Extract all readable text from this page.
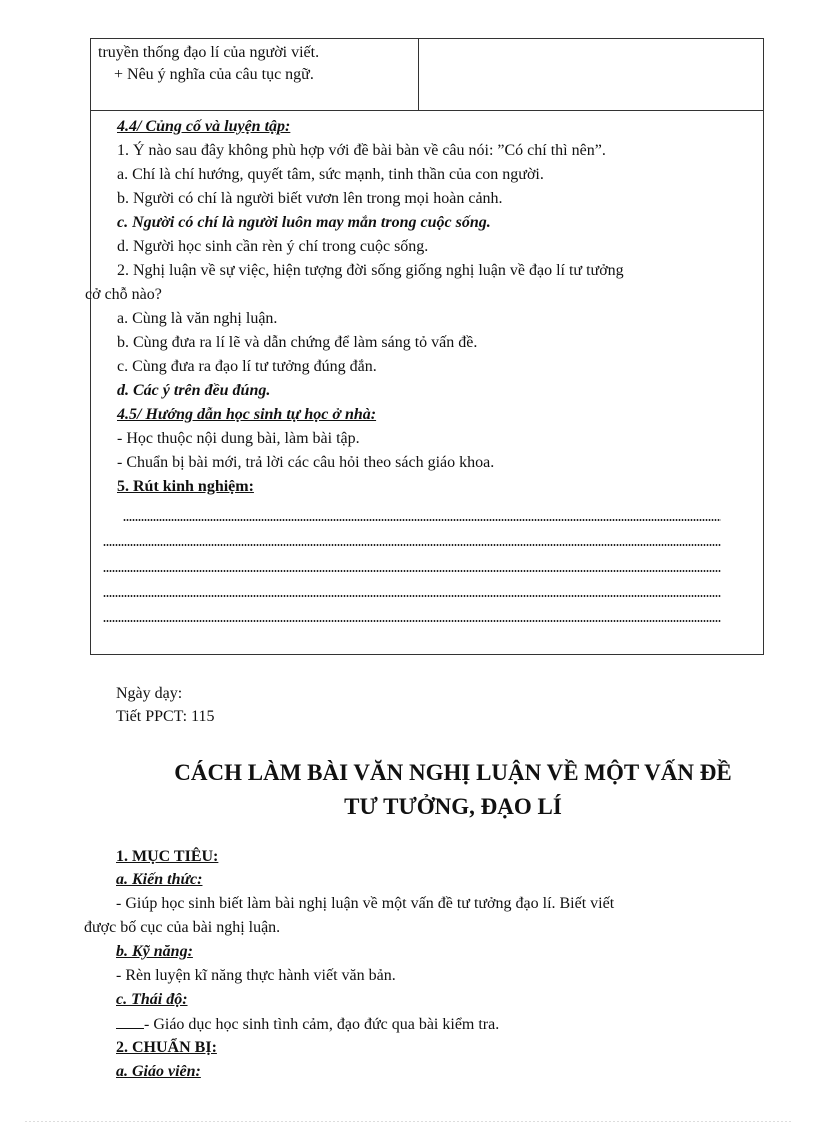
truyền thống đạo lí của người viết.
+ Nêu ý nghĩa của câu tục ngữ.
4.4/ Củng cố và luyện tập:
1. Ý nào sau đây không phù hợp với đề bài bàn về câu nói: ”Có chí thì nên”.
a. Chí là chí hướng, quyết tâm, sức mạnh, tinh thần của con người.
b. Người có chí là người biết vươn lên trong mọi hoàn cảnh.
c. Người có chí là người luôn may mắn trong cuộc sống.
d. Người học sinh cần rèn ý chí trong cuộc sống.
2. Nghị luận về sự việc, hiện tượng đời sống giống nghị luận về đạo lí tư tưởng
cở chỗ nào?
a. Cùng là văn nghị luận.
b. Cùng đưa ra lí lẽ và dẫn chứng để làm sáng tỏ vấn đề.
c. Cùng đưa ra đạo lí tư tưởng đúng đắn.
d. Các ý trên đều đúng.
4.5/ Hướng dẫn học sinh tự học ở nhà:
- Học thuộc nội dung bài, làm bài tập.
- Chuẩn bị bài mới, trả lời các câu hỏi theo sách giáo khoa.
5. Rút kinh nghiệm:
Ngày dạy:
Tiết PPCT: 115
CÁCH LÀM BÀI VĂN NGHỊ LUẬN VỀ MỘT VẤN ĐỀ
TƯ TƯỞNG, ĐẠO LÍ
1. MỤC TIÊU:
a. Kiến thức:
- Giúp học sinh biết làm bài nghị luận về một vấn đề tư tưởng đạo lí. Biết viết
được bố cục của bài nghị luận.
b. Kỹ năng:
- Rèn luyện kĩ năng thực hành viết văn bản.
c. Thái độ:
- Giáo dục học sinh tình cảm, đạo đức qua bài kiểm tra.
2. CHUẨN BỊ:
a. Giáo viên:
